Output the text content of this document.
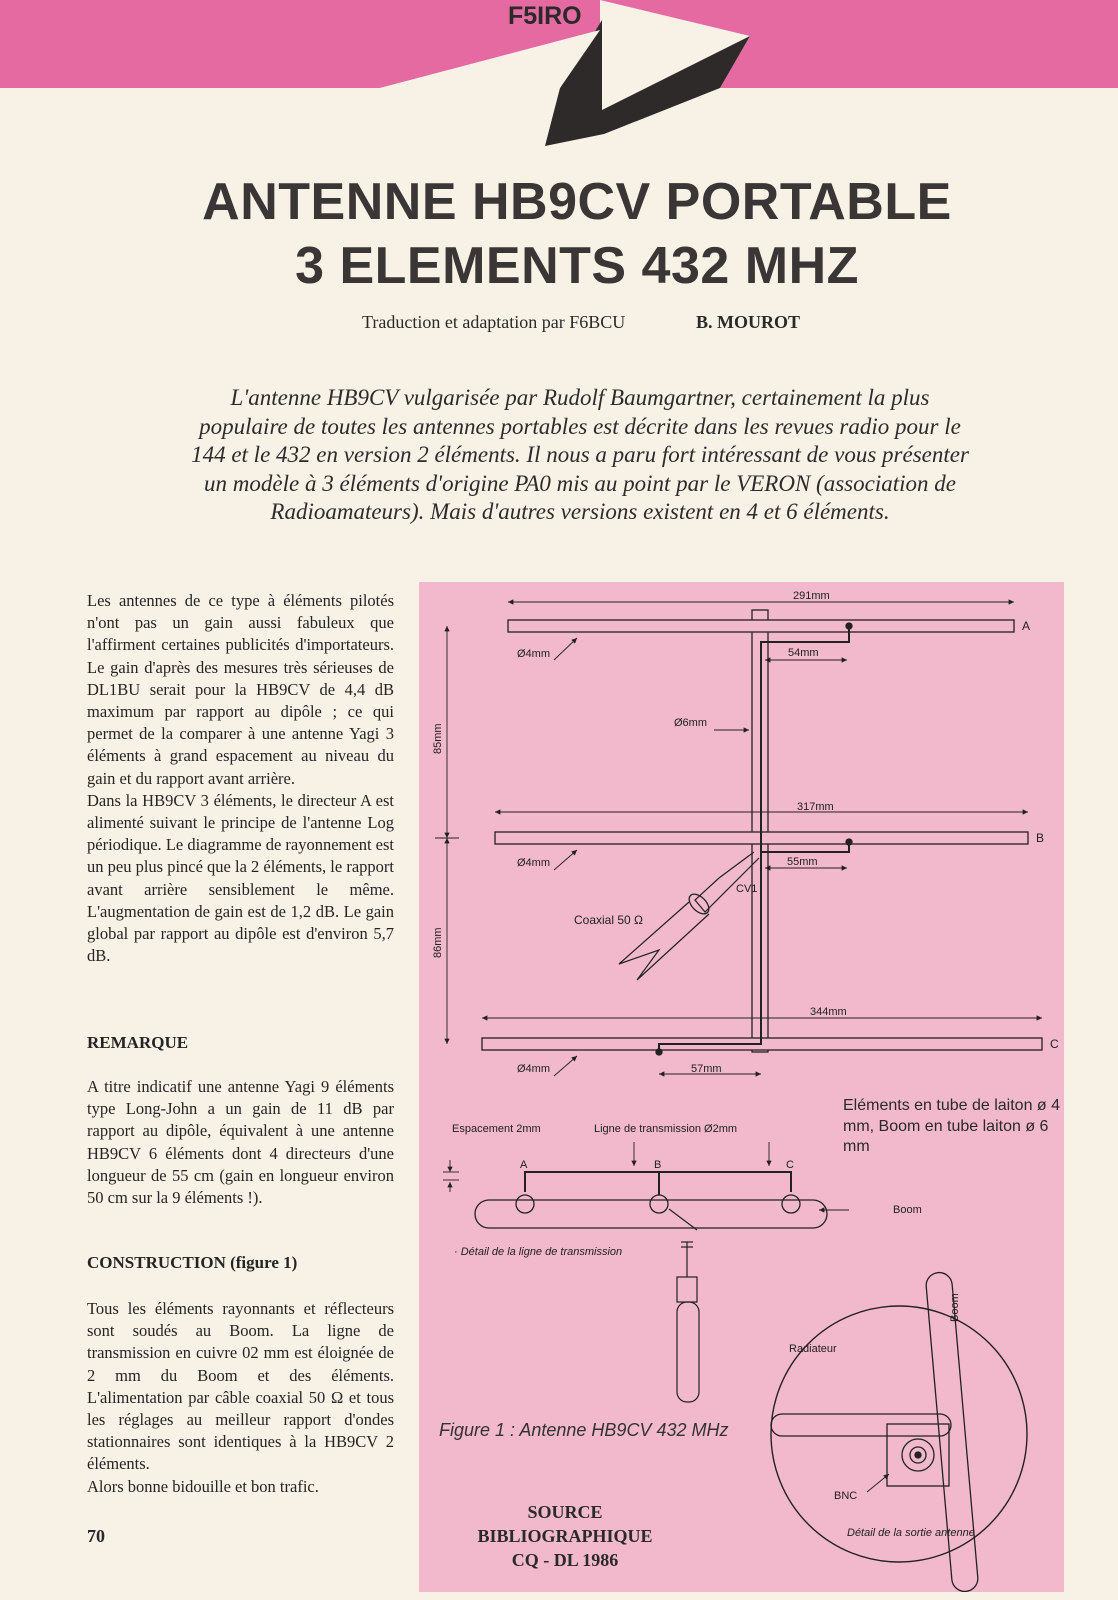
F5IRO
ANTENNE HB9CV PORTABLE
3 ELEMENTS 432 MHZ
Traduction et adaptation par F6BCU	B. MOUROT

L'antenne HB9CV vulgarisée par Rudolf Baumgartner, certainement la plus populaire de toutes les antennes portables est décrite dans les revues radio pour le 144 et le 432 en version 2 éléments. Il nous a paru fort intéressant de vous présenter un modèle à 3 éléments d'origine PA0 mis au point par le VERON (association de Radioamateurs). Mais d'autres versions existent en 4 et 6 éléments.

Les antennes de ce type à éléments pilotés n'ont pas un gain aussi fabuleux que l'affirment certaines publicités d'importateurs. Le gain d'après des mesures très sérieuses de DL1BU serait pour la HB9CV de 4,4 dB maximum par rapport au dipôle ; ce qui permet de la comparer à une antenne Yagi 3 éléments à grand espacement au niveau du gain et du rapport avant arrière.

Dans la HB9CV 3 éléments, le directeur A est alimenté suivant le principe de l'antenne Log périodique. Le diagramme de rayonnement est un peu plus pincé que la 2 éléments, le rapport avant arrière sensiblement le même. L'augmentation de gain est de 1,2 dB. Le gain global par rapport au dipôle est d'environ 5,7 dB.

REMARQUE
A titre indicatif une antenne Yagi 9 éléments type Long-John a un gain de 11 dB par rapport au dipôle, équivalent à une antenne HB9CV 6 éléments dont 4 directeurs d'une longueur de 55 cm (gain en longueur environ 50 cm sur la 9 éléments !).
CONSTRUCTION (figure 1)

Tous les éléments rayonnants et réflecteurs sont soudés au Boom. La ligne de transmission en cuivre 02 mm est éloignée de 2 mm du Boom et des éléments. L'alimentation par câble coaxial 50 Ω et tous les réglages au meilleur rapport d'ondes stationnaires sont identiques à la HB9CV 2 éléments.

Alors bonne bidouille et bon trafic.

291mm
A
54mm
Ø4mm
Ø6mm
85mm
317mm
B
55mm
Ø4mm
CV1
Coaxial 50 Ω
86mm
344mm
C
57mm
Ø4mm
Espacement 2mm	Ligne de transmission Ø2mm
A	B	C
Boom
· Détail de la ligne de transmission
Radiateur
Boom
BNC
Détail de la sortie antenne

Eléments en tube de laiton ø 4 mm, Boom en tube laiton ø 6 mm

Figure 1 : Antenne HB9CV 432 MHz
SOURCE BIBLIOGRAPHIQUE
CQ - DL 1986
70
